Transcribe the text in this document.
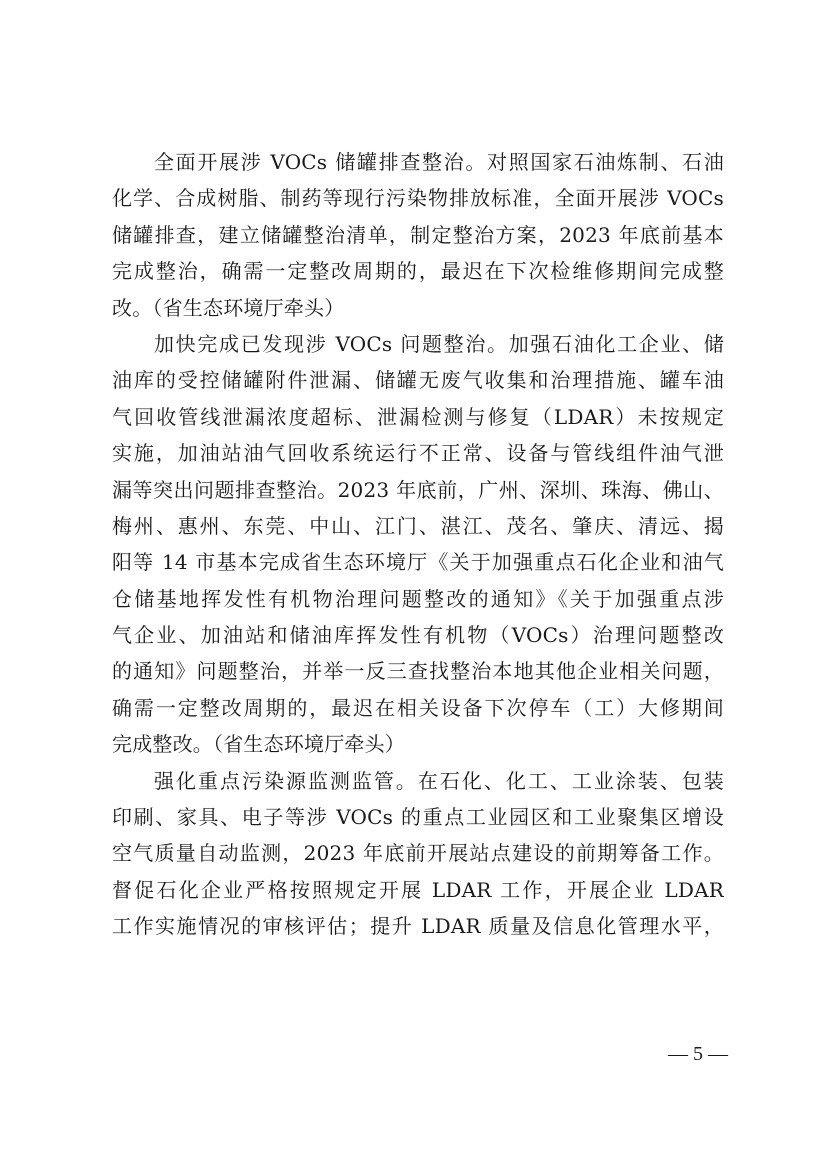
全面开展涉 VOCs 储罐排查整治。对照国家石油炼制、石油
化学、合成树脂、制药等现行污染物排放标准，全面开展涉 VOCs
储罐排查，建立储罐整治清单，制定整治方案，2023 年底前基本
完成整治，确需一定整改周期的，最迟在下次检维修期间完成整
改。（省生态环境厅牵头）
加快完成已发现涉 VOCs 问题整治。加强石油化工企业、储
油库的受控储罐附件泄漏、储罐无废气收集和治理措施、罐车油
气回收管线泄漏浓度超标、泄漏检测与修复（LDAR）未按规定
实施，加油站油气回收系统运行不正常、设备与管线组件油气泄
漏等突出问题排查整治。2023 年底前，广州、深圳、珠海、佛山、
梅州、惠州、东莞、中山、江门、湛江、茂名、肇庆、清远、揭
阳等 14 市基本完成省生态环境厅《关于加强重点石化企业和油气
仓储基地挥发性有机物治理问题整改的通知》《关于加强重点涉
气企业、加油站和储油库挥发性有机物（VOCs）治理问题整改
的通知》问题整治，并举一反三查找整治本地其他企业相关问题，
确需一定整改周期的，最迟在相关设备下次停车（工）大修期间
完成整改。（省生态环境厅牵头）
强化重点污染源监测监管。在石化、化工、工业涂装、包装
印刷、家具、电子等涉 VOCs 的重点工业园区和工业聚集区增设
空气质量自动监测，2023 年底前开展站点建设的前期筹备工作。
督促石化企业严格按照规定开展 LDAR 工作，开展企业 LDAR
工作实施情况的审核评估；提升 LDAR 质量及信息化管理水平，
— 5 —
